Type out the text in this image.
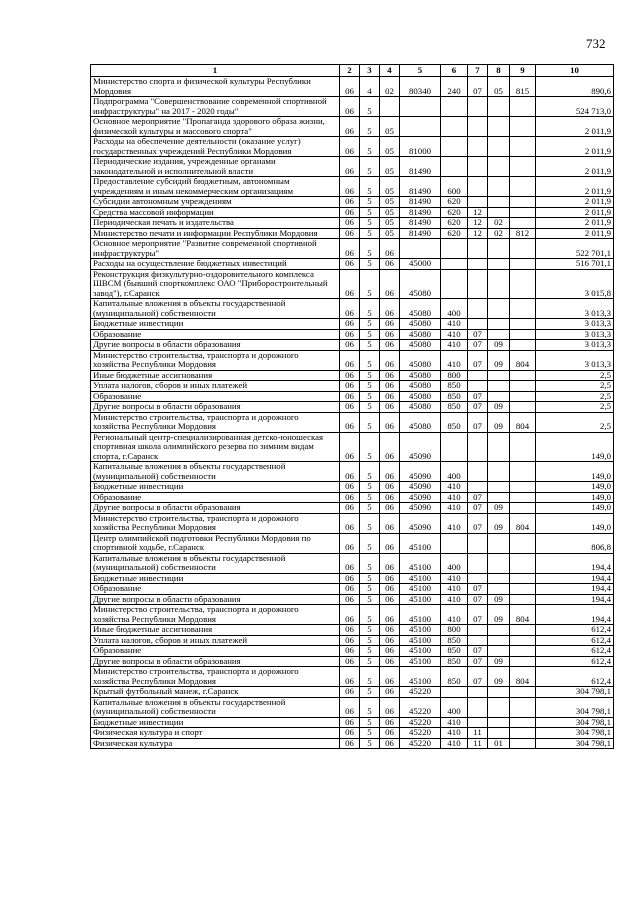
732
1	2	3	4	5	6	7	8	9	10
Министерство спорта и физической культуры Республики Мордовия	06	4	02	80340	240	07	05	815	890,6
Подпрограмма "Совершенствование современной спортивной инфраструктуры" на 2017 - 2020 годы"	06	5							524 713,0
Основное мероприятие "Пропаганда здорового образа жизни, физической культуры и массового спорта"	06	5	05						2 011,9
Расходы на обеспечение деятельности (оказание услуг) государственных учреждений Республики Мордовия	06	5	05	81000					2 011,9
Периодические издания, учрежденные органами законодательной и исполнительной власти	06	5	05	81490					2 011,9
Предоставление субсидий бюджетным, автономным учреждениям и иным некоммерческим организациям	06	5	05	81490	600				2 011,9
Субсидии автономным учреждениям	06	5	05	81490	620				2 011,9
Средства массовой информации	06	5	05	81490	620	12			2 011,9
Периодическая печать и издательства	06	5	05	81490	620	12	02		2 011,9
Министерство печати и информации Республики Мордовия	06	5	05	81490	620	12	02	812	2 011,9
Основное мероприятие "Развитие современной спортивной инфраструктуры"	06	5	06						522 701,1
Расходы на осуществление бюджетных инвестиций	06	5	06	45000					516 701,1
Реконструкция физкультурно-оздоровительного комплекса ШВСМ (бывший спорткомплекс ОАО "Приборостроительный завод"), г.Саранск	06	5	06	45080					3 015,8
Капитальные вложения в объекты государственной (муниципальной) собственности	06	5	06	45080	400				3 013,3
Бюджетные инвестиции	06	5	06	45080	410				3 013,3
Образование	06	5	06	45080	410	07			3 013,3
Другие вопросы в области образования	06	5	06	45080	410	07	09		3 013,3
Министерство строительства, транспорта и дорожного хозяйства Республики Мордовия	06	5	06	45080	410	07	09	804	3 013,3
Иные бюджетные ассигнования	06	5	06	45080	800				2,5
Уплата налогов, сборов и иных платежей	06	5	06	45080	850				2,5
Образование	06	5	06	45080	850	07			2,5
Другие вопросы в области образования	06	5	06	45080	850	07	09		2,5
Министерство строительства, транспорта и дорожного хозяйства Республики Мордовия	06	5	06	45080	850	07	09	804	2,5
Региональный центр-специализированная детско-юношеская спортивная школа олимпийского резерва по зимним видам спорта, г.Саранск	06	5	06	45090					149,0
Капитальные вложения в объекты государственной (муниципальной) собственности	06	5	06	45090	400				149,0
Бюджетные инвестиции	06	5	06	45090	410				149,0
Образование	06	5	06	45090	410	07			149,0
Другие вопросы в области образования	06	5	06	45090	410	07	09		149,0
Министерство строительства, транспорта и дорожного хозяйства Республики Мордовия	06	5	06	45090	410	07	09	804	149,0
Центр олимпийской подготовки Республики Мордовия по спортивной ходьбе, г.Саранск	06	5	06	45100					806,8
Капитальные вложения в объекты государственной (муниципальной) собственности	06	5	06	45100	400				194,4
Бюджетные инвестиции	06	5	06	45100	410				194,4
Образование	06	5	06	45100	410	07			194,4
Другие вопросы в области образования	06	5	06	45100	410	07	09		194,4
Министерство строительства, транспорта и дорожного хозяйства Республики Мордовия	06	5	06	45100	410	07	09	804	194,4
Иные бюджетные ассигнования	06	5	06	45100	800				612,4
Уплата налогов, сборов и иных платежей	06	5	06	45100	850				612,4
Образование	06	5	06	45100	850	07			612,4
Другие вопросы в области образования	06	5	06	45100	850	07	09		612,4
Министерство строительства, транспорта и дорожного хозяйства Республики Мордовия	06	5	06	45100	850	07	09	804	612,4
Крытый футбольный манеж, г.Саранск	06	5	06	45220					304 798,1
Капитальные вложения в объекты государственной (муниципальной) собственности	06	5	06	45220	400				304 798,1
Бюджетные инвестиции	06	5	06	45220	410				304 798,1
Физическая культура и спорт	06	5	06	45220	410	11			304 798,1
Физическая культура	06	5	06	45220	410	11	01		304 798,1
